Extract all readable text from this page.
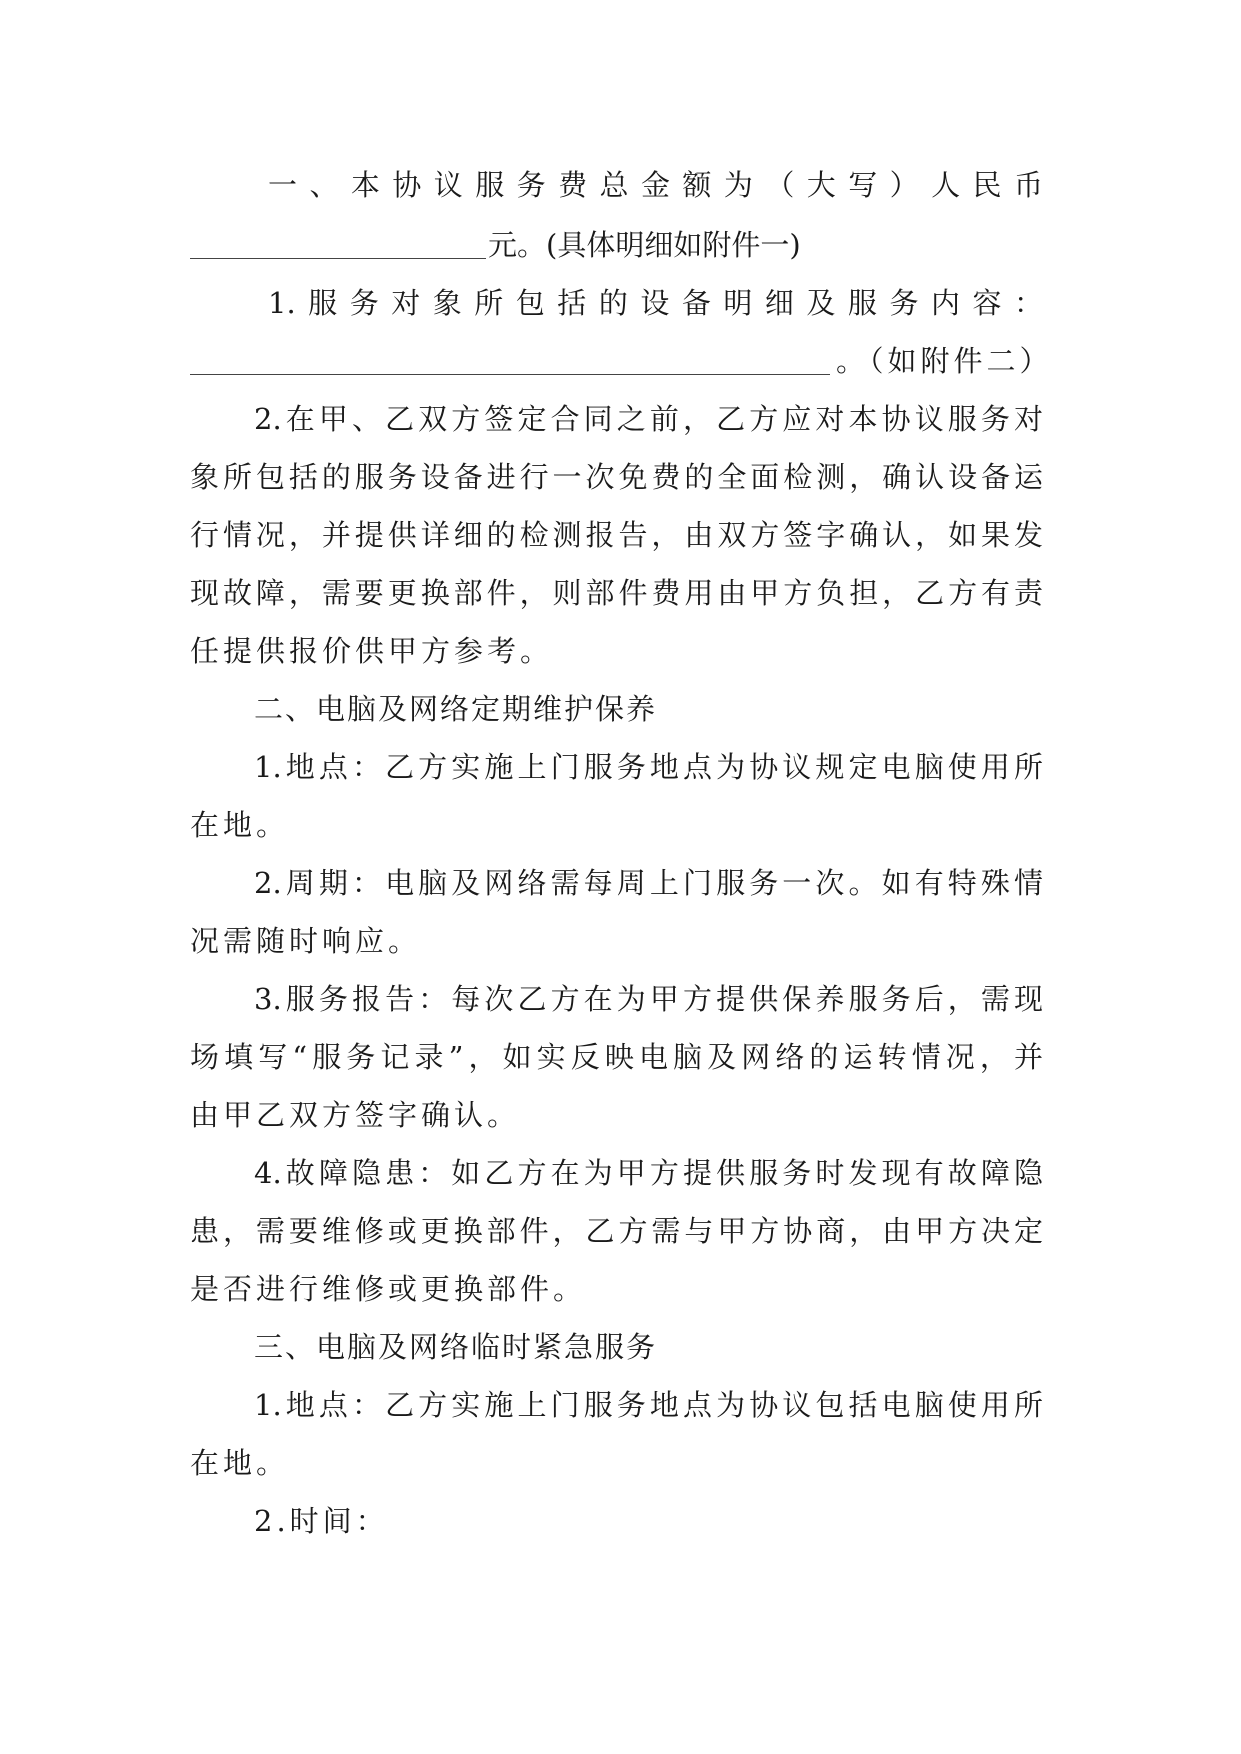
一、本协议服务费总金额为（大写）人民币
元。(具体明细如附件一)
1.服务对象所包括的设备明细及服务内容：
。（如附件二）
2.在甲、乙双方签定合同之前，乙方应对本协议服务对
象所包括的服务设备进行一次免费的全面检测，确认设备运
行情况，并提供详细的检测报告，由双方签字确认，如果发
现故障，需要更换部件，则部件费用由甲方负担，乙方有责
任提供报价供甲方参考。
二、电脑及网络定期维护保养
1.地点：乙方实施上门服务地点为协议规定电脑使用所
在地。
2.周期：电脑及网络需每周上门服务一次。如有特殊情
况需随时响应。
3.服务报告：每次乙方在为甲方提供保养服务后，需现
场填写“服务记录”，如实反映电脑及网络的运转情况，并
由甲乙双方签字确认。
4.故障隐患：如乙方在为甲方提供服务时发现有故障隐
患，需要维修或更换部件，乙方需与甲方协商，由甲方决定
是否进行维修或更换部件。
三、电脑及网络临时紧急服务
1.地点：乙方实施上门服务地点为协议包括电脑使用所
在地。
2.时间：
